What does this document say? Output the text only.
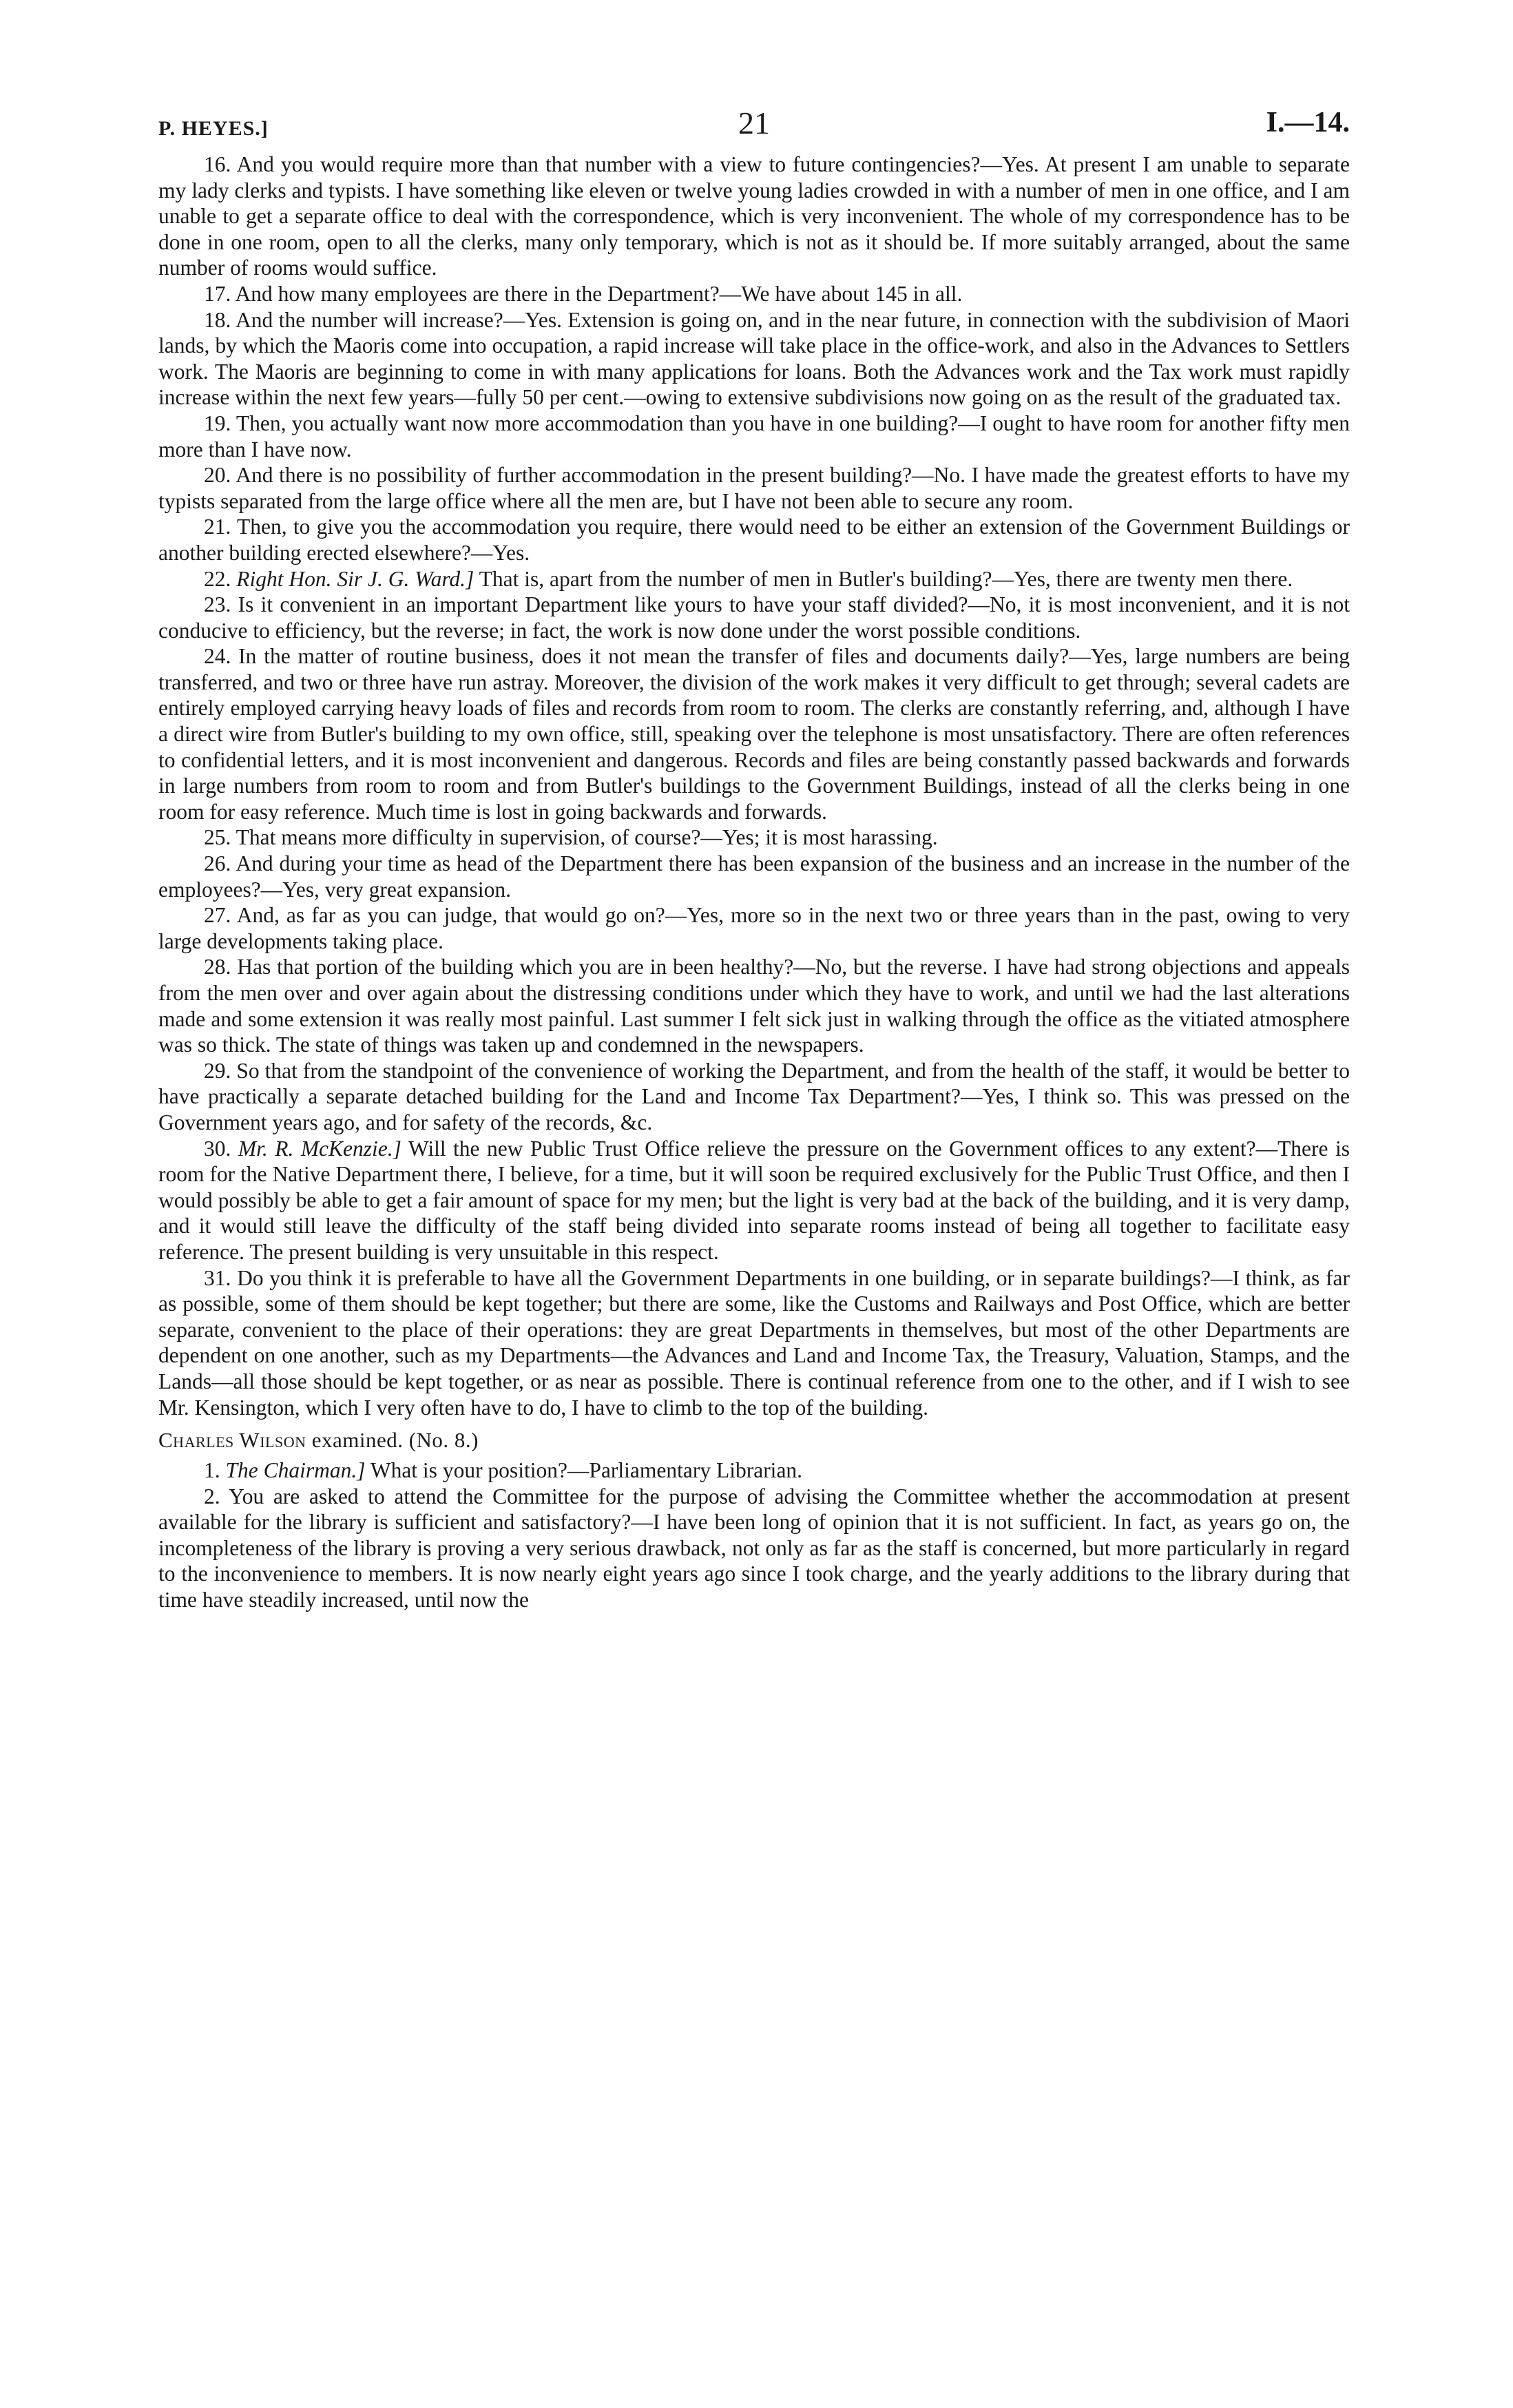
P. HEYES.]	21	I.—14.

16. And you would require more than that number with a view to future contingencies?—Yes. At present I am unable to separate my lady clerks and typists. I have something like eleven or twelve young ladies crowded in with a number of men in one office, and I am unable to get a separate office to deal with the correspondence, which is very inconvenient. The whole of my correspondence has to be done in one room, open to all the clerks, many only temporary, which is not as it should be. If more suitably arranged, about the same number of rooms would suffice.

17. And how many employees are there in the Department?—We have about 145 in all.

18. And the number will increase?—Yes. Extension is going on, and in the near future, in connection with the subdivision of Maori lands, by which the Maoris come into occupation, a rapid increase will take place in the office-work, and also in the Advances to Settlers work. The Maoris are beginning to come in with many applications for loans. Both the Advances work and the Tax work must rapidly increase within the next few years—fully 50 per cent.—owing to extensive subdivisions now going on as the result of the graduated tax.

19. Then, you actually want now more accommodation than you have in one building?—I ought to have room for another fifty men more than I have now.

20. And there is no possibility of further accommodation in the present building?—No. I have made the greatest efforts to have my typists separated from the large office where all the men are, but I have not been able to secure any room.

21. Then, to give you the accommodation you require, there would need to be either an extension of the Government Buildings or another building erected elsewhere?—Yes.

22. Right Hon. Sir J. G. Ward.] That is, apart from the number of men in Butler's building?—Yes, there are twenty men there.

23. Is it convenient in an important Department like yours to have your staff divided?—No, it is most inconvenient, and it is not conducive to efficiency, but the reverse; in fact, the work is now done under the worst possible conditions.

24. In the matter of routine business, does it not mean the transfer of files and documents daily?—Yes, large numbers are being transferred, and two or three have run astray. Moreover, the division of the work makes it very difficult to get through; several cadets are entirely employed carrying heavy loads of files and records from room to room. The clerks are constantly referring, and, although I have a direct wire from Butler's building to my own office, still, speaking over the telephone is most unsatisfactory. There are often references to confidential letters, and it is most inconvenient and dangerous. Records and files are being constantly passed backwards and forwards in large numbers from room to room and from Butler's buildings to the Government Buildings, instead of all the clerks being in one room for easy reference. Much time is lost in going backwards and forwards.

25. That means more difficulty in supervision, of course?—Yes; it is most harassing.

26. And during your time as head of the Department there has been expansion of the business and an increase in the number of the employees?—Yes, very great expansion.

27. And, as far as you can judge, that would go on?—Yes, more so in the next two or three years than in the past, owing to very large developments taking place.

28. Has that portion of the building which you are in been healthy?—No, but the reverse. I have had strong objections and appeals from the men over and over again about the distressing conditions under which they have to work, and until we had the last alterations made and some extension it was really most painful. Last summer I felt sick just in walking through the office as the vitiated atmosphere was so thick. The state of things was taken up and condemned in the newspapers.

29. So that from the standpoint of the convenience of working the Department, and from the health of the staff, it would be better to have practically a separate detached building for the Land and Income Tax Department?—Yes, I think so. This was pressed on the Government years ago, and for safety of the records, &c.

30. Mr. R. McKenzie.] Will the new Public Trust Office relieve the pressure on the Government offices to any extent?—There is room for the Native Department there, I believe, for a time, but it will soon be required exclusively for the Public Trust Office, and then I would possibly be able to get a fair amount of space for my men; but the light is very bad at the back of the building, and it is very damp, and it would still leave the difficulty of the staff being divided into separate rooms instead of being all together to facilitate easy reference. The present building is very unsuitable in this respect.

31. Do you think it is preferable to have all the Government Departments in one building, or in separate buildings?—I think, as far as possible, some of them should be kept together; but there are some, like the Customs and Railways and Post Office, which are better separate, convenient to the place of their operations: they are great Departments in themselves, but most of the other Departments are dependent on one another, such as my Departments—the Advances and Land and Income Tax, the Treasury, Valuation, Stamps, and the Lands—all those should be kept together, or as near as possible. There is continual reference from one to the other, and if I wish to see Mr. Kensington, which I very often have to do, I have to climb to the top of the building.

Charles Wilson examined. (No. 8.)

1. The Chairman.] What is your position?—Parliamentary Librarian.

2. You are asked to attend the Committee for the purpose of advising the Committee whether the accommodation at present available for the library is sufficient and satisfactory?—I have been long of opinion that it is not sufficient. In fact, as years go on, the incompleteness of the library is proving a very serious drawback, not only as far as the staff is concerned, but more particularly in regard to the inconvenience to members. It is now nearly eight years ago since I took charge, and the yearly additions to the library during that time have steadily increased, until now the
